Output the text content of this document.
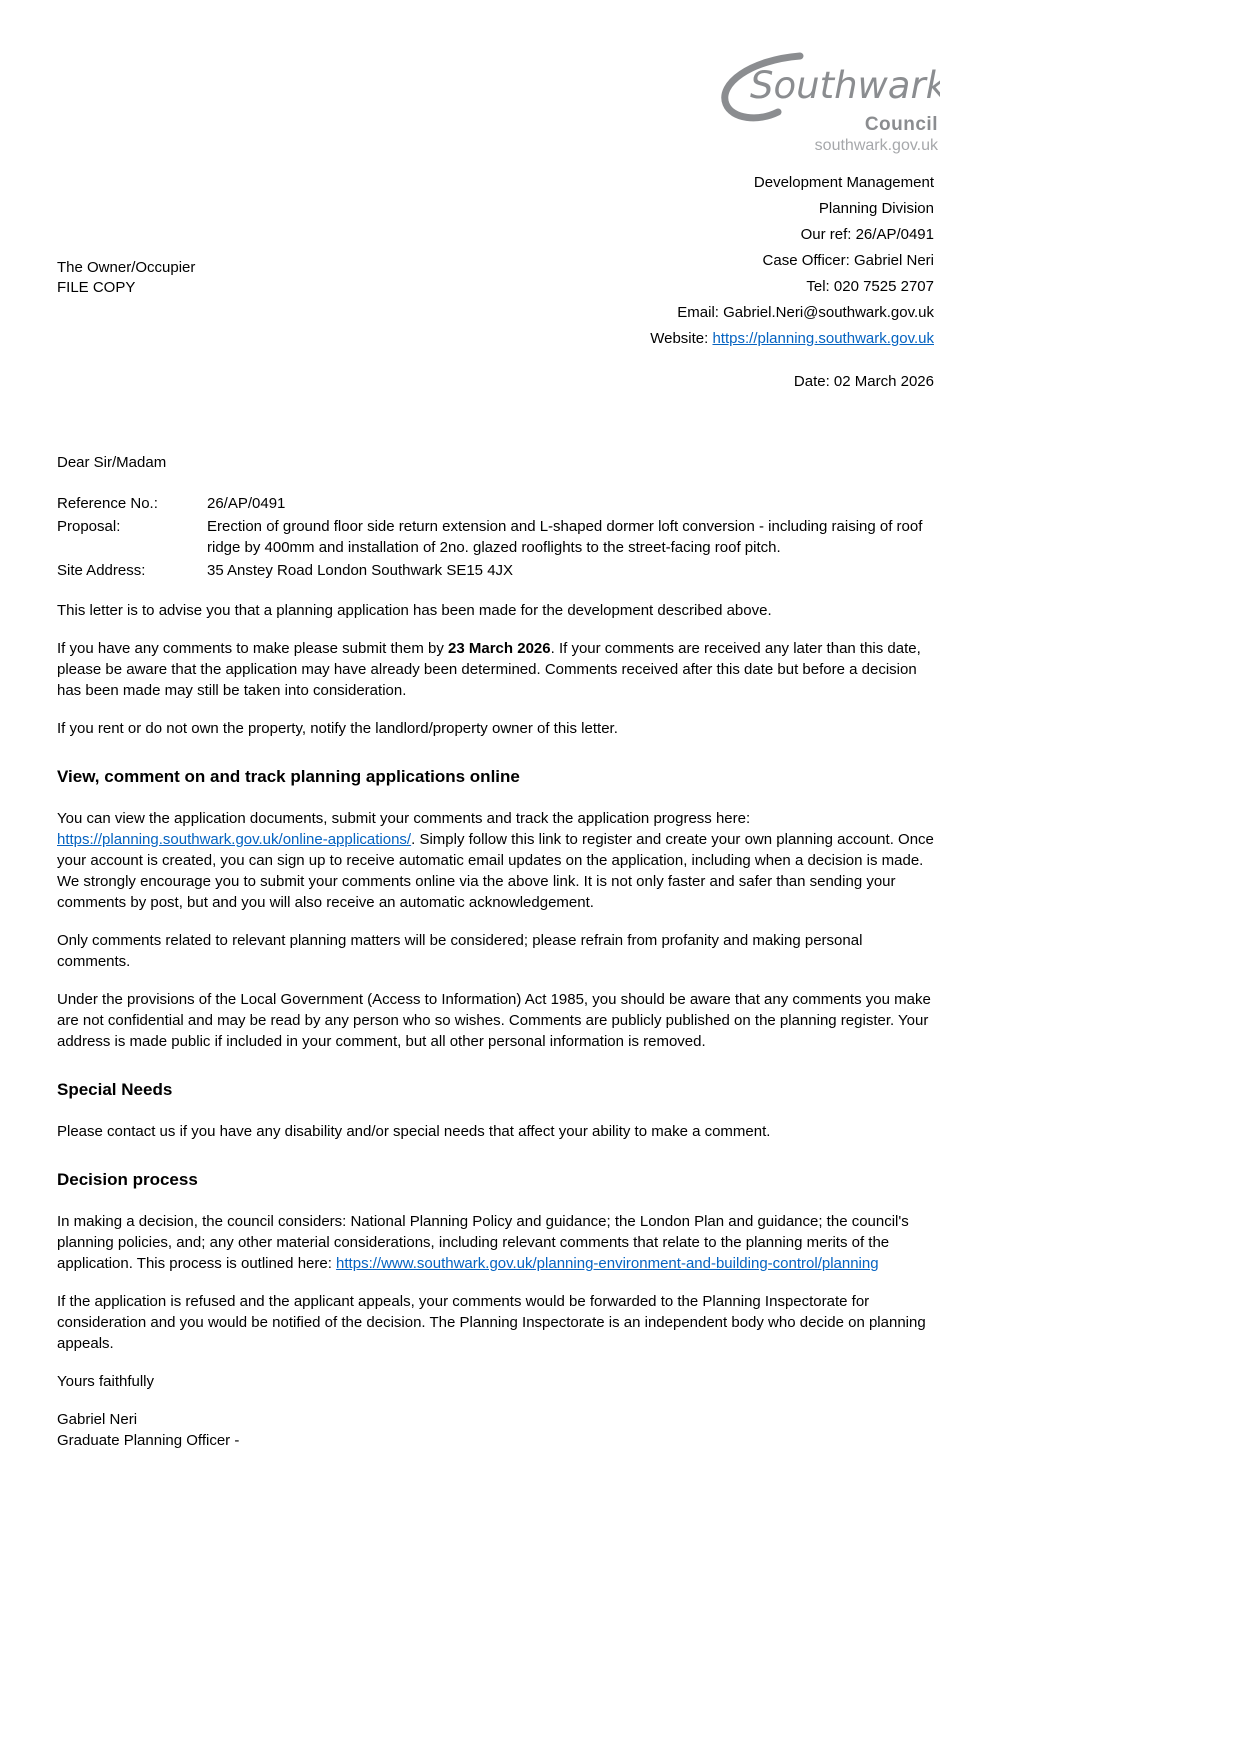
Southwark
Council
southwark.gov.uk
Development Management
Planning Division
Our ref: 26/AP/0491
Case Officer: Gabriel Neri
Tel: 020 7525 2707
Email: Gabriel.Neri@southwark.gov.uk
Website: https://planning.southwark.gov.uk
The Owner/Occupier
FILE COPY
Date: 02 March 2026

Dear Sir/Madam

Reference No.:	26/AP/0491
Proposal:	Erection of ground floor side return extension and L-shaped dormer loft conversion - including raising of roof ridge by 400mm and installation of 2no. glazed rooflights to the street-facing roof pitch.
Site Address:	35 Anstey Road London Southwark SE15 4JX

This letter is to advise you that a planning application has been made for the development described above.

If you have any comments to make please submit them by 23 March 2026. If your comments are received any later than this date, please be aware that the application may have already been determined. Comments received after this date but before a decision has been made may still be taken into consideration.

If you rent or do not own the property, notify the landlord/property owner of this letter.

View, comment on and track planning applications online

You can view the application documents, submit your comments and track the application progress here: https://planning.southwark.gov.uk/online-applications/. Simply follow this link to register and create your own planning account. Once your account is created, you can sign up to receive automatic email updates on the application, including when a decision is made. We strongly encourage you to submit your comments online via the above link. It is not only faster and safer than sending your comments by post, but and you will also receive an automatic acknowledgement.

Only comments related to relevant planning matters will be considered; please refrain from profanity and making personal comments.

Under the provisions of the Local Government (Access to Information) Act 1985, you should be aware that any comments you make are not confidential and may be read by any person who so wishes. Comments are publicly published on the planning register. Your address is made public if included in your comment, but all other personal information is removed.

Special Needs

Please contact us if you have any disability and/or special needs that affect your ability to make a comment.

Decision process

In making a decision, the council considers: National Planning Policy and guidance; the London Plan and guidance; the council's planning policies, and; any other material considerations, including relevant comments that relate to the planning merits of the application. This process is outlined here: https://www.southwark.gov.uk/planning-environment-and-building-control/planning

If the application is refused and the applicant appeals, your comments would be forwarded to the Planning Inspectorate for consideration and you would be notified of the decision. The Planning Inspectorate is an independent body who decide on planning appeals.

Yours faithfully

Gabriel Neri
Graduate Planning Officer -
